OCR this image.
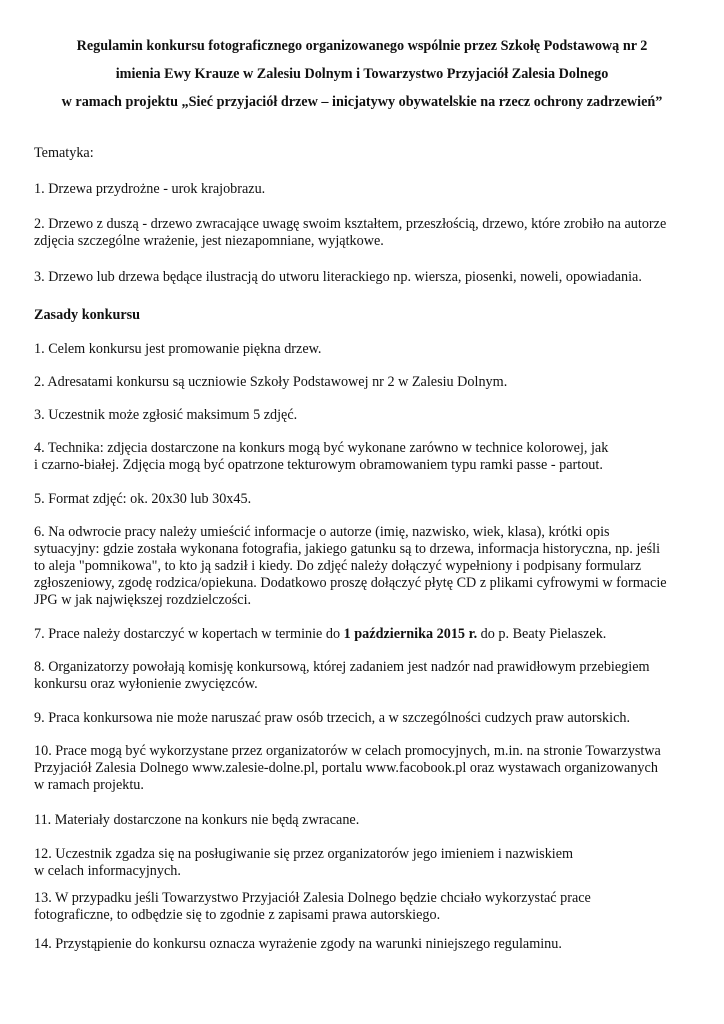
Regulamin konkursu fotograficznego organizowanego wspólnie przez Szkołę Podstawową nr 2
imienia Ewy Krauze w Zalesiu Dolnym i Towarzystwo Przyjaciół Zalesia Dolnego
w ramach projektu „Sieć przyjaciół drzew – inicjatywy obywatelskie na rzecz ochrony zadrzewień”
Tematyka:
1. Drzewa przydrożne - urok krajobrazu.
2. Drzewo z duszą - drzewo zwracające uwagę swoim kształtem, przeszłością, drzewo, które zrobiło na autorze
zdjęcia szczególne wrażenie, jest niezapomniane, wyjątkowe.
3. Drzewo lub drzewa będące ilustracją do utworu literackiego np. wiersza, piosenki, noweli, opowiadania.
Zasady konkursu
1. Celem konkursu jest promowanie piękna drzew.
2. Adresatami konkursu są uczniowie Szkoły Podstawowej nr 2 w Zalesiu Dolnym.
3. Uczestnik może zgłosić maksimum 5 zdjęć.
4. Technika: zdjęcia dostarczone na konkurs mogą być wykonane zarówno w technice kolorowej, jak
i czarno-białej. Zdjęcia mogą być opatrzone tekturowym obramowaniem typu ramki passe - partout.
5. Format zdjęć: ok. 20x30 lub 30x45.
6. Na odwrocie pracy należy umieścić informacje o autorze (imię, nazwisko, wiek, klasa), krótki opis
sytuacyjny: gdzie została wykonana fotografia, jakiego gatunku są to drzewa, informacja historyczna, np. jeśli
to aleja "pomnikowa", to kto ją sadził i kiedy. Do zdjęć należy dołączyć wypełniony i podpisany formularz
zgłoszeniowy, zgodę rodzica/opiekuna. Dodatkowo proszę dołączyć płytę CD z plikami cyfrowymi w formacie
JPG w jak największej rozdzielczości.
7. Prace należy dostarczyć w kopertach w terminie do 1 października 2015 r. do p. Beaty Pielaszek.
8. Organizatorzy powołają komisję konkursową, której zadaniem jest nadzór nad prawidłowym przebiegiem
konkursu oraz wyłonienie zwycięzców.
9. Praca konkursowa nie może naruszać praw osób trzecich, a w szczególności cudzych praw autorskich.
10. Prace mogą być wykorzystane przez organizatorów w celach promocyjnych, m.in. na stronie Towarzystwa
Przyjaciół Zalesia Dolnego www.zalesie-dolne.pl, portalu www.facobook.pl oraz wystawach organizowanych
w ramach projektu.
11. Materiały dostarczone na konkurs nie będą zwracane.
12. Uczestnik zgadza się na posługiwanie się przez organizatorów jego imieniem i nazwiskiem
w celach informacyjnych.
13. W przypadku jeśli Towarzystwo Przyjaciół Zalesia Dolnego będzie chciało wykorzystać prace
fotograficzne, to odbędzie się to zgodnie z zapisami prawa autorskiego.
14. Przystąpienie do konkursu oznacza wyrażenie zgody na warunki niniejszego regulaminu.
